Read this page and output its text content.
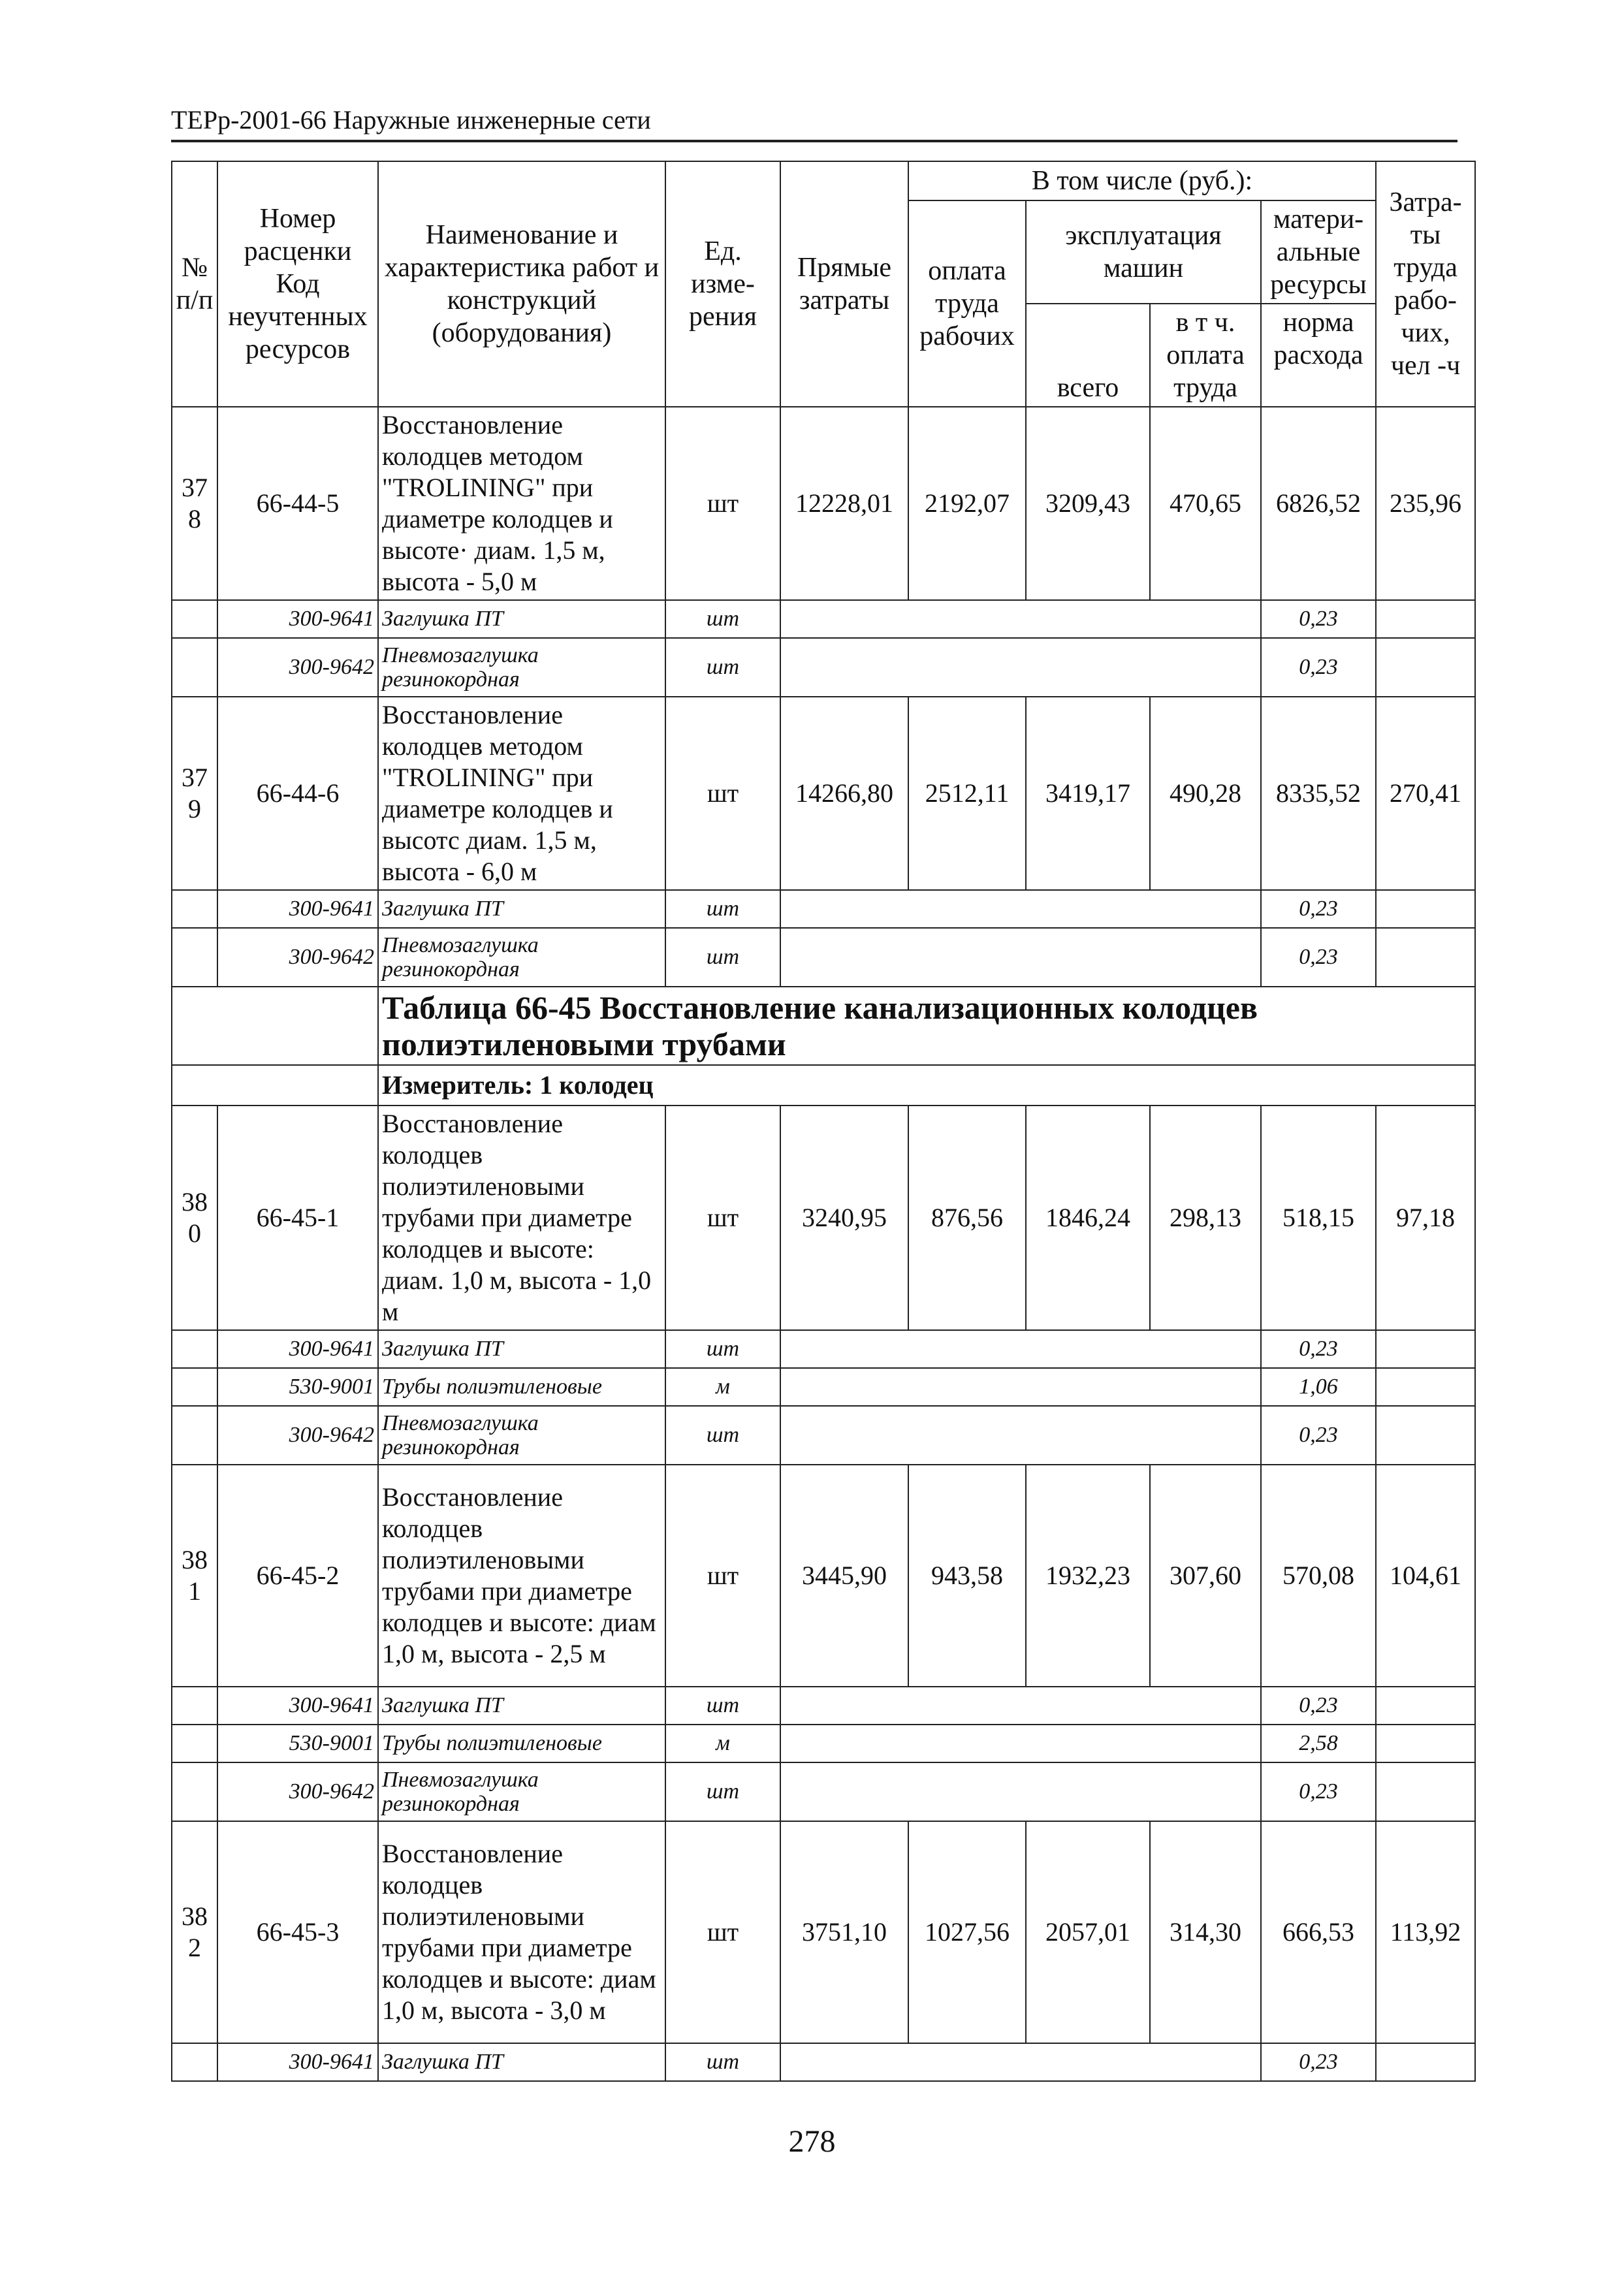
ТЕРр-2001-66 Наружные инженерные сети
№ п/п	Номер расценки Код неучтенных ресурсов	Наименование и характеристика работ и конструкций (оборудования)	Ед. изме-рения	Прямые затраты	В том числе (руб.):				Затра-ты труда рабо-чих, чел -ч
					оплата труда рабочих	эксплуатация машин		матери-альные ресурсы	

						всего	в т ч. оплата труда	норма расхода	
378	66-44-5	Восстановление колодцев методом "TROLINING" при диаметре колодцев и высоте· диам. 1,5 м, высота - 5,0 м	шт	12228,01	2192,07	3209,43	470,65	6826,52	235,96
	300-9641	Заглушка ПТ	шт					0,23	
	300-9642	Пневмозаглушка резинокордная	шт					0,23	
379	66-44-6	Восстановление колодцев методом "TROLINING" при диаметре колодцев и высотс диам. 1,5 м, высота - 6,0 м	шт	14266,80	2512,11	3419,17	490,28	8335,52	270,41
	300-9641	Заглушка ПТ	шт					0,23	
	300-9642	Пневмозаглушка резинокордная	шт					0,23	
		Таблица 66-45 Восстановление канализационных колодцев полиэтиленовыми трубами							
		Измеритель: 1 колодец							
380	66-45-1	Восстановление колодцев полиэтиленовыми трубами при диаметре колодцев и высоте: диам. 1,0 м, высота - 1,0 м	шт	3240,95	876,56	1846,24	298,13	518,15	97,18
	300-9641	Заглушка ПТ	шт					0,23	
	530-9001	Трубы полиэтиленовые	м					1,06	
	300-9642	Пневмозаглушка резинокордная	шт					0,23	
381	66-45-2	Восстановление колодцев полиэтиленовыми трубами при диаметре колодцев и высоте: диам 1,0 м, высота - 2,5 м	шт	3445,90	943,58	1932,23	307,60	570,08	104,61
	300-9641	Заглушка ПТ	шт					0,23	
	530-9001	Трубы полиэтиленовые	м					2,58	
	300-9642	Пневмозаглушка резинокордная	шт					0,23	
382	66-45-3	Восстановление колодцев полиэтиленовыми трубами при диаметре колодцев и высоте: диам 1,0 м, высота - 3,0 м	шт	3751,10	1027,56	2057,01	314,30	666,53	113,92
	300-9641	Заглушка ПТ	шт					0,23	
278
